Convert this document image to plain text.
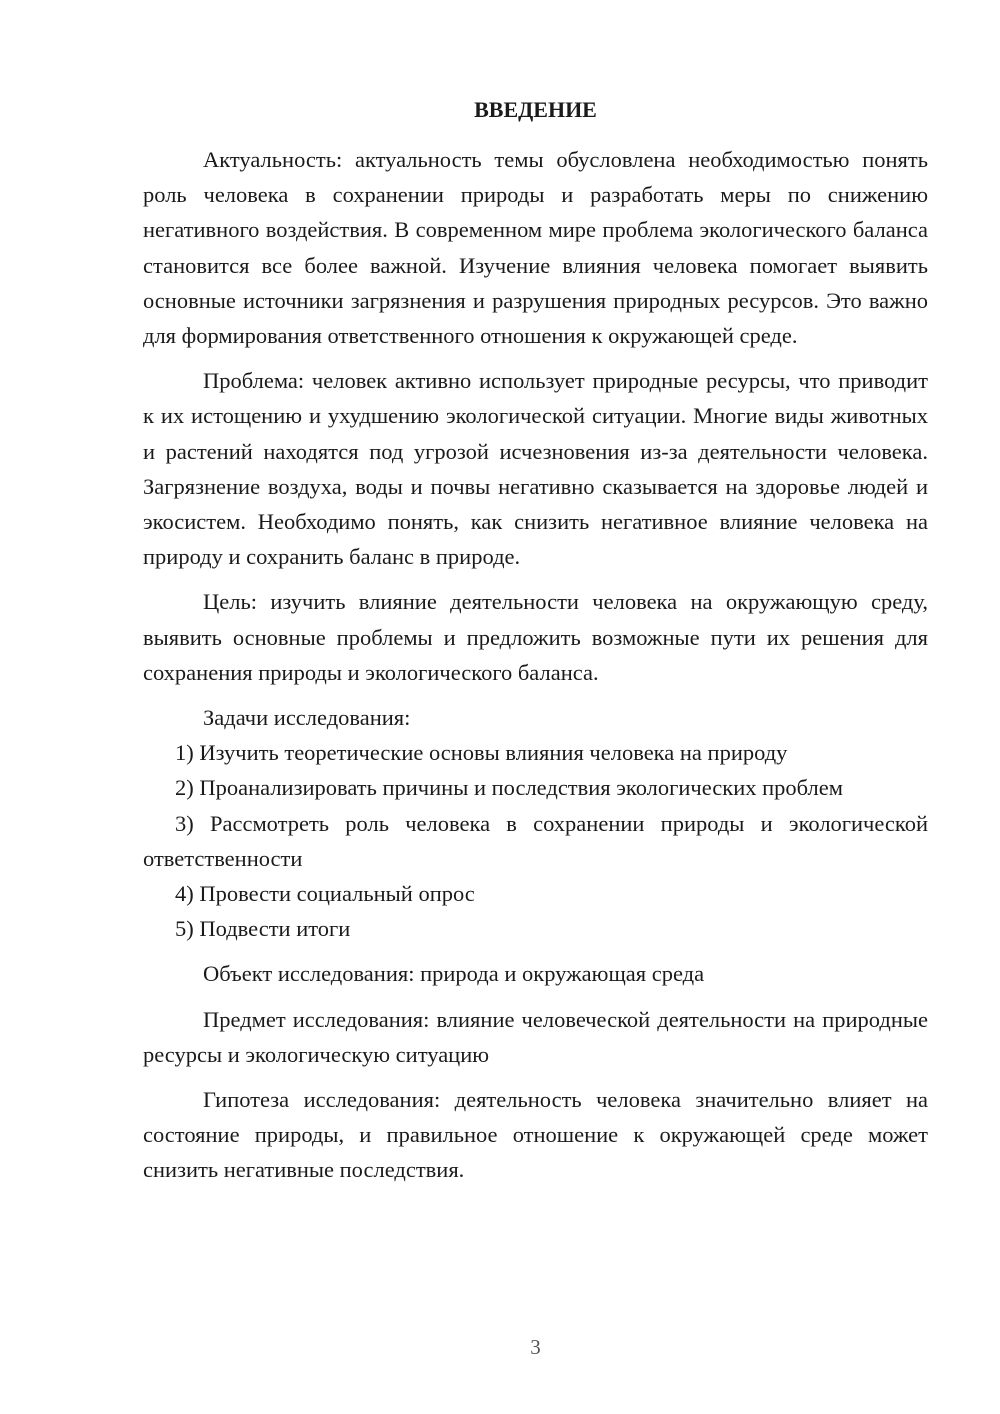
ВВЕДЕНИЕ

Актуальность: актуальность темы обусловлена необходимостью понять роль человека в сохранении природы и разработать меры по снижению негативного воздействия. В современном мире проблема экологического баланса становится все более важной. Изучение влияния человека помогает выявить основные источники загрязнения и разрушения природных ресурсов. Это важно для формирования ответственного отношения к окружающей среде.

Проблема: человек активно использует природные ресурсы, что приводит к их истощению и ухудшению экологической ситуации. Многие виды животных и растений находятся под угрозой исчезновения из-за деятельности человека. Загрязнение воздуха, воды и почвы негативно сказывается на здоровье людей и экосистем. Необходимо понять, как снизить негативное влияние человека на природу и сохранить баланс в природе.

Цель: изучить влияние деятельности человека на окружающую среду, выявить основные проблемы и предложить возможные пути их решения для сохранения природы и экологического баланса.

Задачи исследования:

1) Изучить теоретические основы влияния человека на природу

2) Проанализировать причины и последствия экологических проблем

3) Рассмотреть роль человека в сохранении природы и экологической ответственности

4) Провести социальный опрос

5) Подвести итоги

Объект исследования: природа и окружающая среда

Предмет исследования: влияние человеческой деятельности на природные ресурсы и экологическую ситуацию

Гипотеза исследования: деятельность человека значительно влияет на состояние природы, и правильное отношение к окружающей среде может снизить негативные последствия.

3
